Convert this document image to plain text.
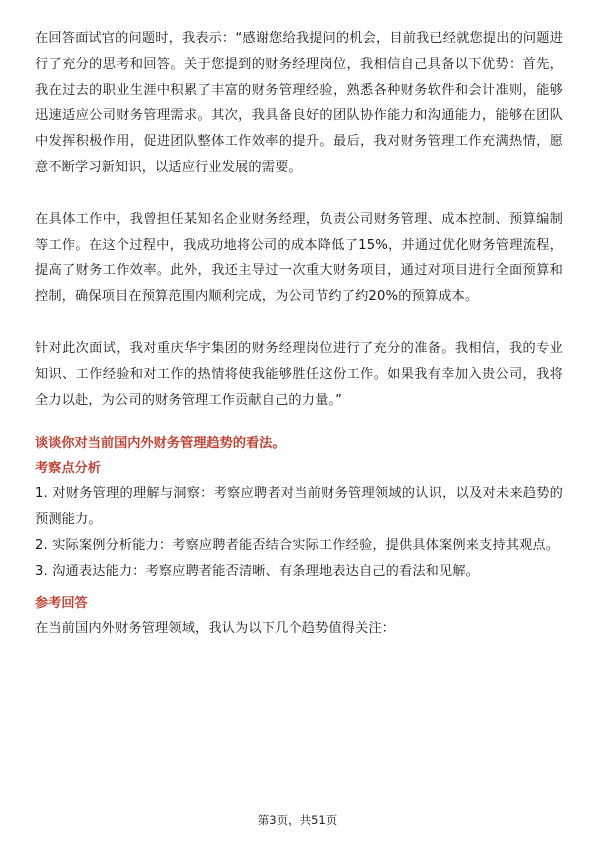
在回答面试官的问题时，我表示：“感谢您给我提问的机会，目前我已经就您提出的问题进行了充分的思考和回答。关于您提到的财务经理岗位，我相信自己具备以下优势：首先，我在过去的职业生涯中积累了丰富的财务管理经验，熟悉各种财务软件和会计准则，能够迅速适应公司财务管理需求。其次，我具备良好的团队协作能力和沟通能力，能够在团队中发挥积极作用，促进团队整体工作效率的提升。最后，我对财务管理工作充满热情，愿意不断学习新知识，以适应行业发展的需要。

在具体工作中，我曾担任某知名企业财务经理，负责公司财务管理、成本控制、预算编制等工作。在这个过程中，我成功地将公司的成本降低了15%，并通过优化财务管理流程，提高了财务工作效率。此外，我还主导过一次重大财务项目，通过对项目进行全面预算和控制，确保项目在预算范围内顺利完成，为公司节约了约20%的预算成本。

针对此次面试，我对重庆华宇集团的财务经理岗位进行了充分的准备。我相信，我的专业知识、工作经验和对工作的热情将使我能够胜任这份工作。如果我有幸加入贵公司，我将全力以赴，为公司的财务管理工作贡献自己的力量。”

谈谈你对当前国内外财务管理趋势的看法。

考察点分析

1. 对财务管理的理解与洞察：考察应聘者对当前财务管理领域的认识，以及对未来趋势的预测能力。

2. 实际案例分析能力：考察应聘者能否结合实际工作经验，提供具体案例来支持其观点。

3. 沟通表达能力：考察应聘者能否清晰、有条理地表达自己的看法和见解。

参考回答

在当前国内外财务管理领域，我认为以下几个趋势值得关注：

第3页，共51页
